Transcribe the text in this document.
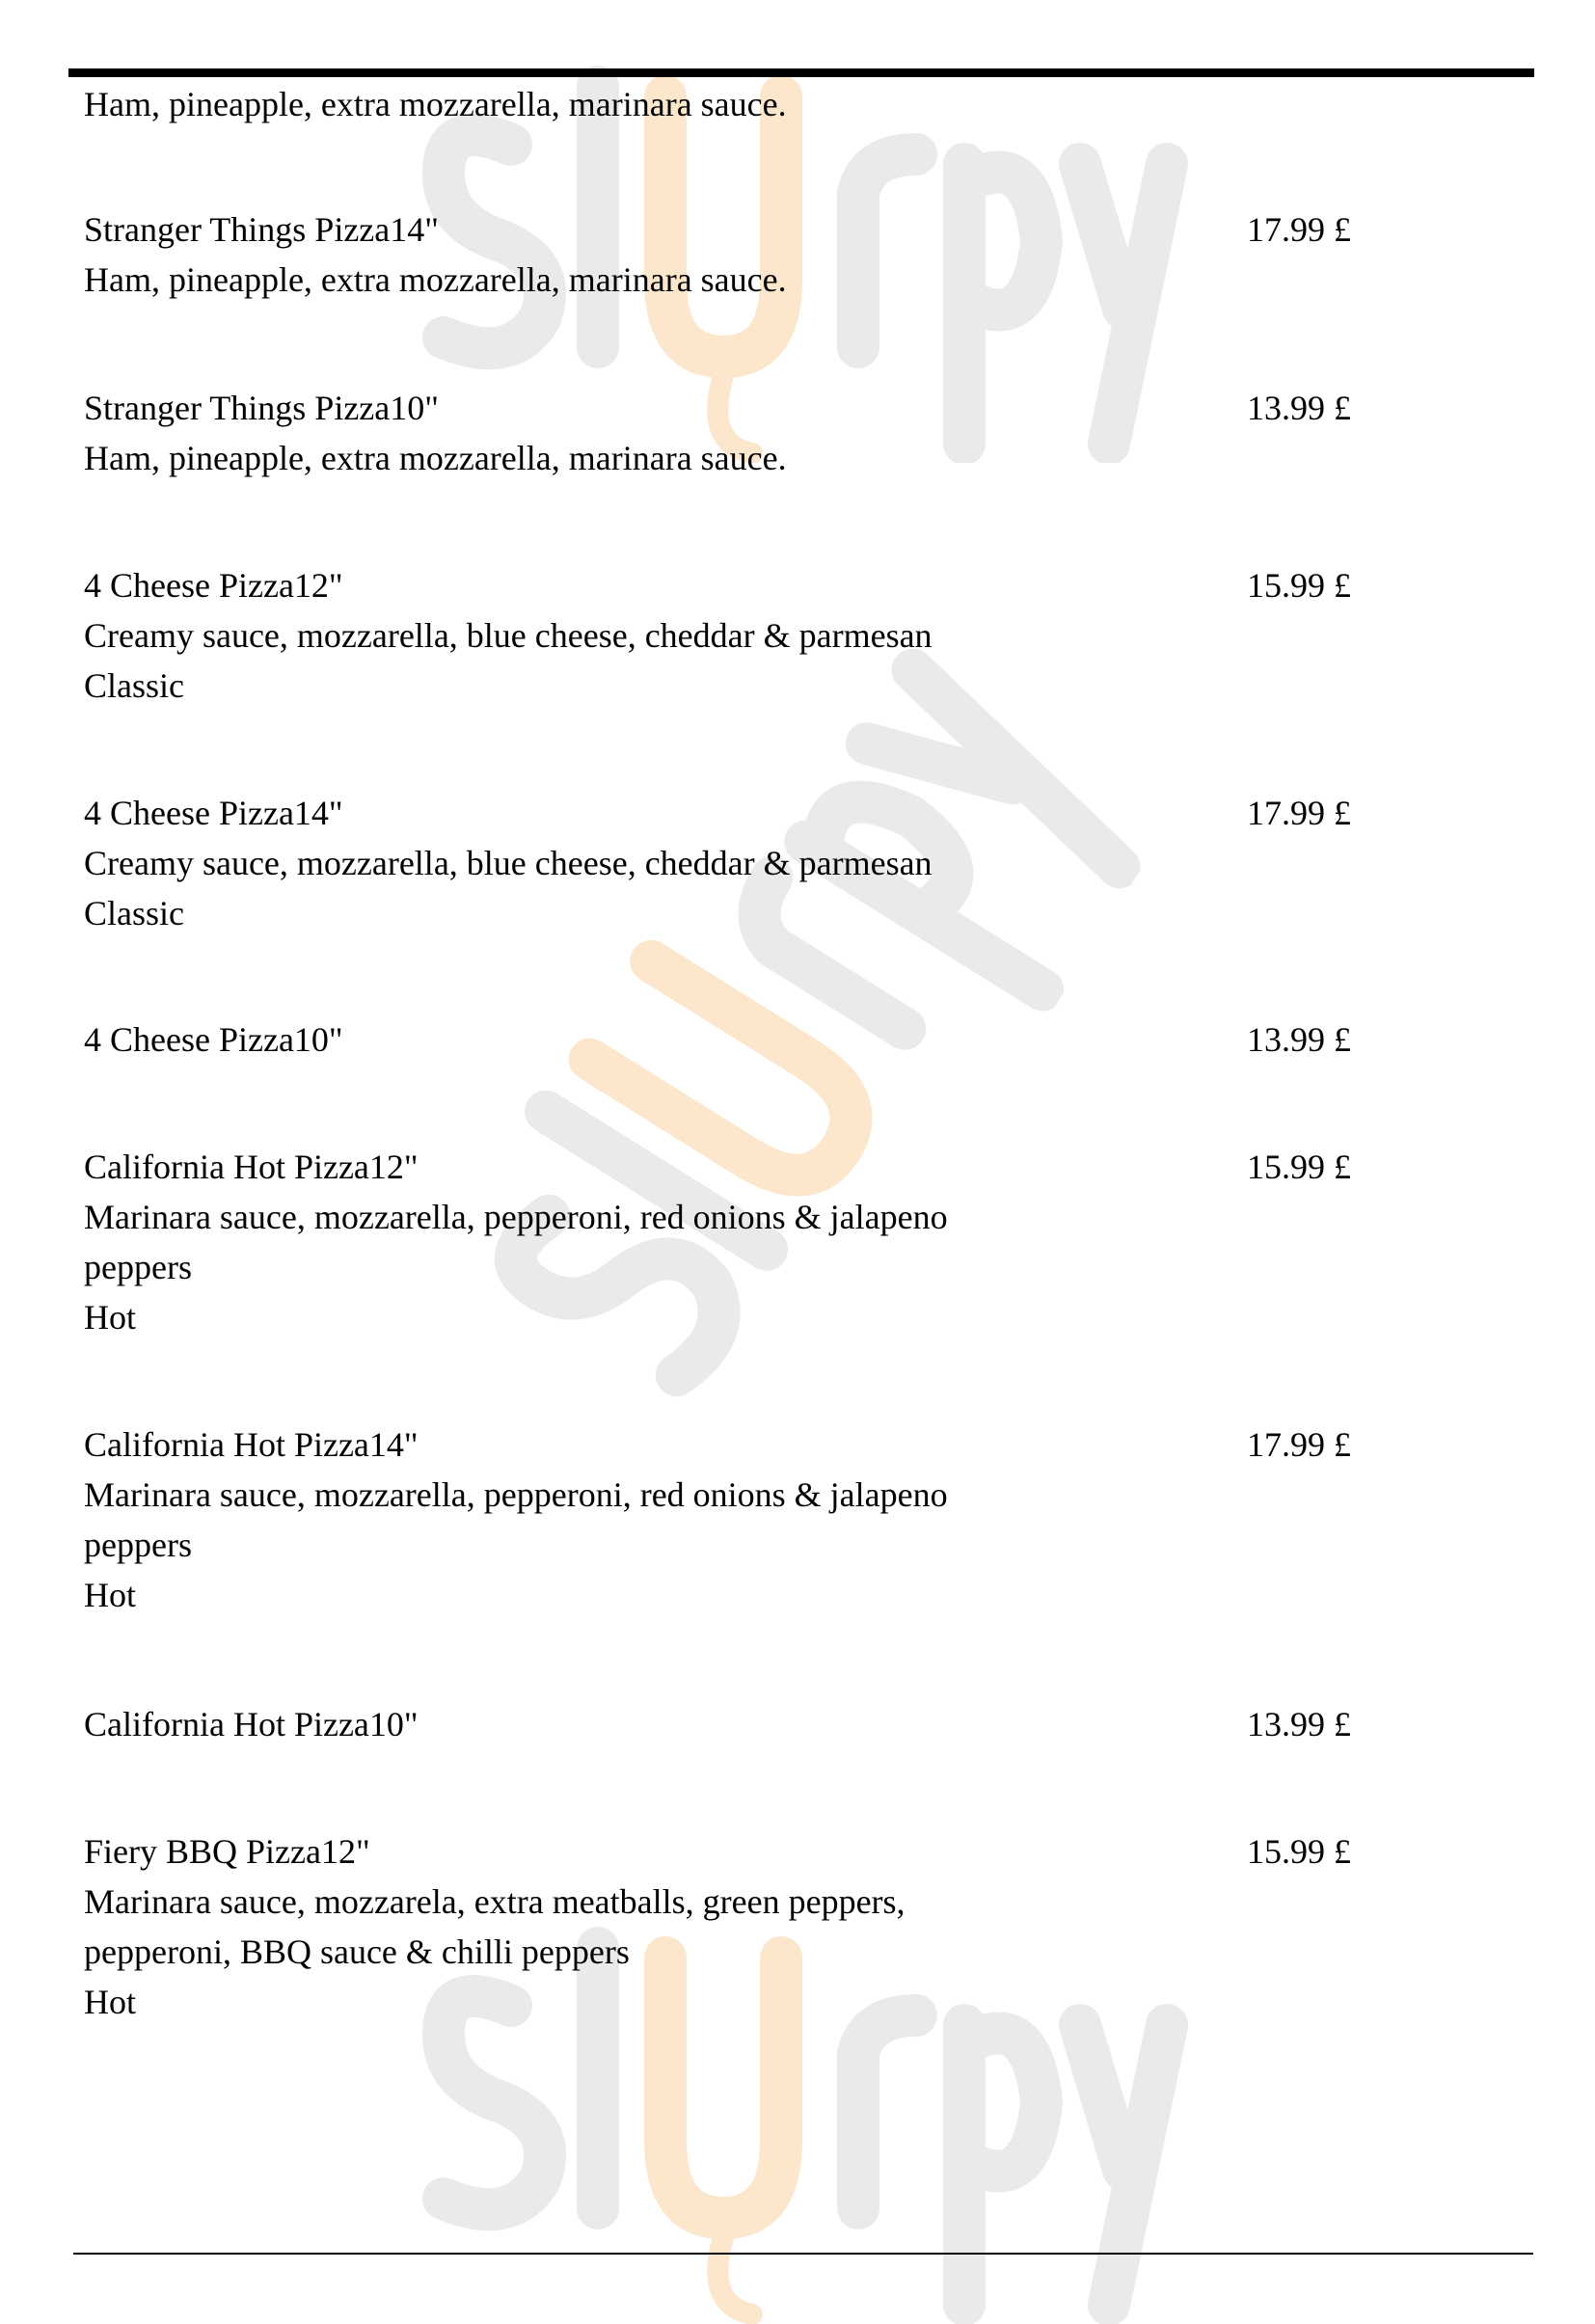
Ham, pineapple, extra mozzarella, marinara sauce.
Stranger Things Pizza14"
Ham, pineapple, extra mozzarella, marinara sauce.
17.99 £
Stranger Things Pizza10"
Ham, pineapple, extra mozzarella, marinara sauce.
13.99 £
4 Cheese Pizza12"
Creamy sauce, mozzarella, blue cheese, cheddar & parmesan
Classic
15.99 £
4 Cheese Pizza14"
Creamy sauce, mozzarella, blue cheese, cheddar & parmesan
Classic
17.99 £
4 Cheese Pizza10"	13.99 £
California Hot Pizza12"
Marinara sauce, mozzarella, pepperoni, red onions & jalapeno
peppers
Hot
15.99 £
California Hot Pizza14"
Marinara sauce, mozzarella, pepperoni, red onions & jalapeno
peppers
Hot
17.99 £
California Hot Pizza10"	13.99 £
Fiery BBQ Pizza12"
Marinara sauce, mozzarela, extra meatballs, green peppers,
pepperoni, BBQ sauce & chilli peppers
Hot
15.99 £
